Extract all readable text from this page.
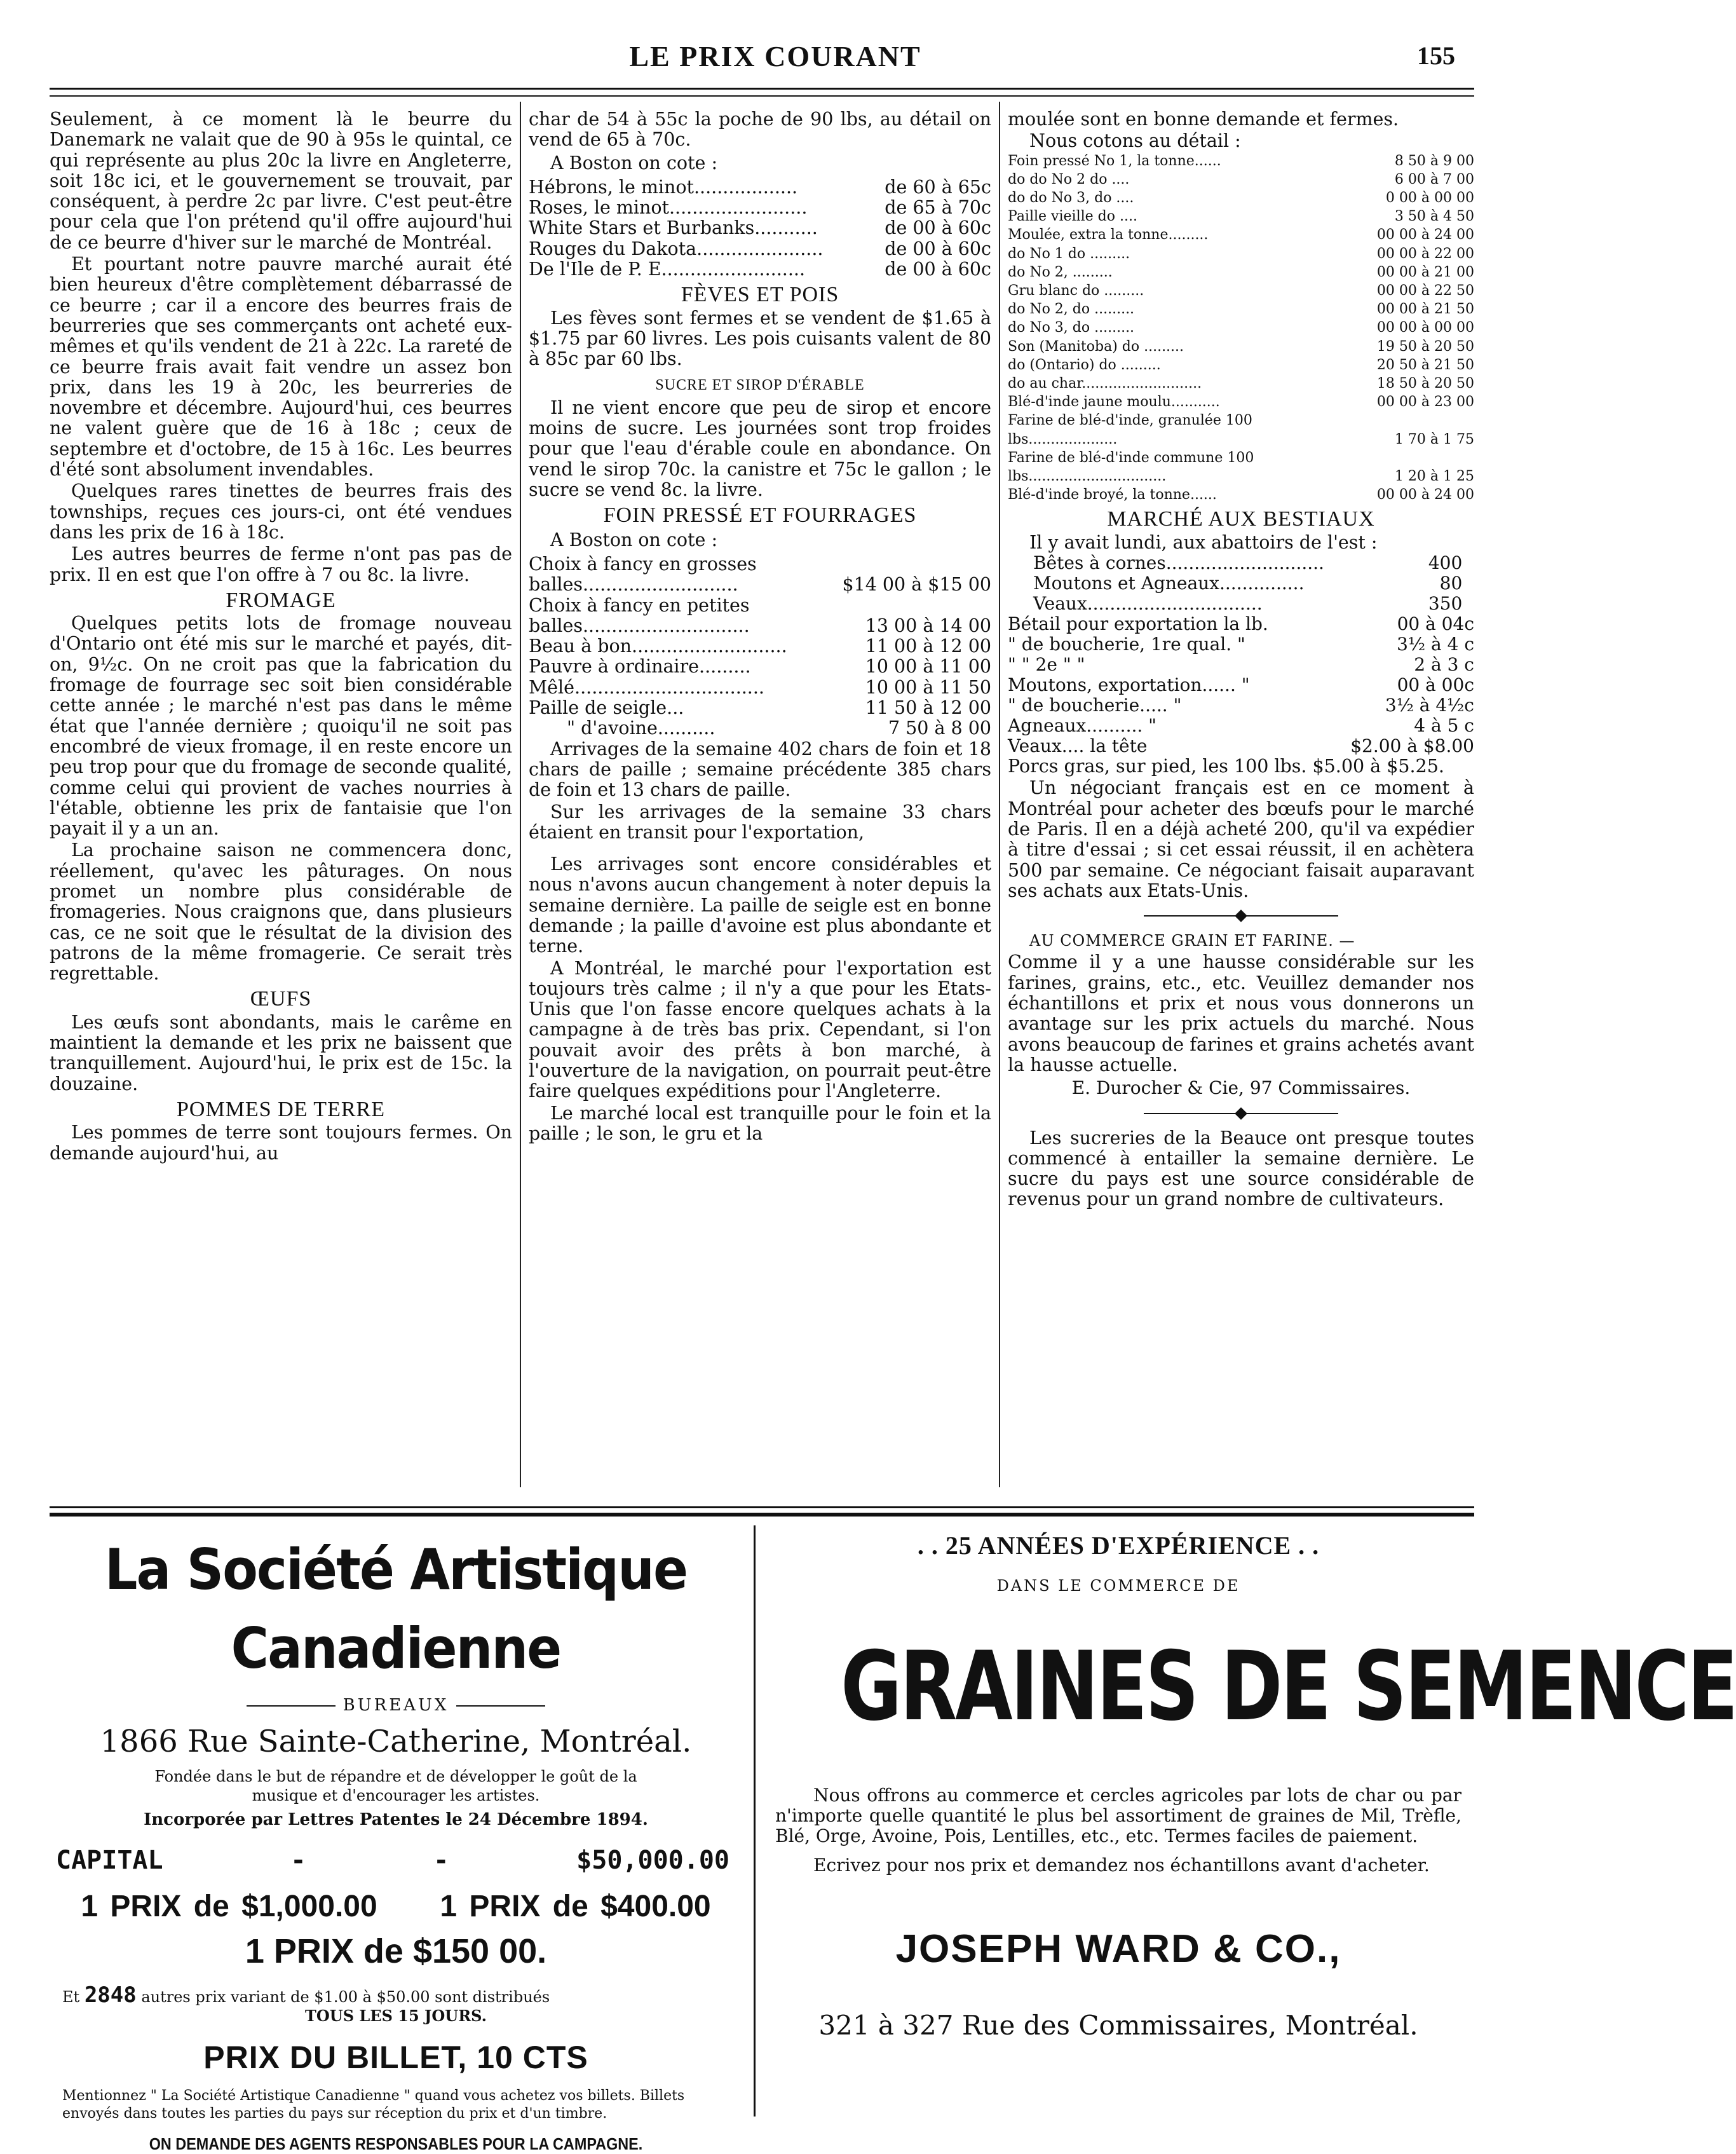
LE PRIX COURANT	155

Seulement, à ce moment là le beurre du Danemark ne valait que de 90 à 95s le quintal, ce qui représente au plus 20c la livre en Angleterre, soit 18c ici, et le gouvernement se trouvait, par conséquent, à perdre 2c par livre. C'est peut-être pour cela que l'on prétend qu'il offre aujourd'hui de ce beurre d'hiver sur le marché de Montréal.

Et pourtant notre pauvre marché aurait été bien heureux d'être complètement débarrassé de ce beurre ; car il a encore des beurres frais de beurreries que ses commerçants ont acheté eux-mêmes et qu'ils vendent de 21 à 22c. La rareté de ce beurre frais avait fait vendre un assez bon prix, dans les 19 à 20c, les beurreries de novembre et décembre. Aujourd'hui, ces beurres ne valent guère que de 16 à 18c ; ceux de septembre et d'octobre, de 15 à 16c. Les beurres d'été sont absolument invendables.

Quelques rares tinettes de beurres frais des townships, reçues ces jours-ci, ont été vendues dans les prix de 16 à 18c.

Les autres beurres de ferme n'ont pas pas de prix. Il en est que l'on offre à 7 ou 8c. la livre.

FROMAGE

Quelques petits lots de fromage nouveau d'Ontario ont été mis sur le marché et payés, dit-on, 9½c. On ne croit pas que la fabrication du fromage de fourrage sec soit bien considérable cette année ; le marché n'est pas dans le même état que l'année dernière ; quoiqu'il ne soit pas encombré de vieux fromage, il en reste encore un peu trop pour que du fromage de seconde qualité, comme celui qui provient de vaches nourries à l'étable, obtienne les prix de fantaisie que l'on payait il y a un an.

La prochaine saison ne commencera donc, réellement, qu'avec les pâturages. On nous promet un nombre plus considérable de fromageries. Nous craignons que, dans plusieurs cas, ce ne soit que le résultat de la division des patrons de la même fromagerie. Ce serait très regrettable.

ŒUFS

Les œufs sont abondants, mais le carême en maintient la demande et les prix ne baissent que tranquillement. Aujourd'hui, le prix est de 15c. la douzaine.

POMMES DE TERRE

Les pommes de terre sont toujours fermes. On demande aujourd'hui, au

char de 54 à 55c la poche de 90 lbs, au détail on vend de 65 à 70c.

A Boston on cote :

Hébrons, le minot..................	de 60 à 65c
Roses, le minot........................	de 65 à 70c
White Stars et Burbanks...........	de 00 à 60c
Rouges du Dakota......................	de 00 à 60c
De l'Ile de P. E.........................	de 00 à 60c
FÈVES ET POIS

Les fèves sont fermes et se vendent de $1.65 à $1.75 par 60 livres. Les pois cuisants valent de 80 à 85c par 60 lbs.

SUCRE ET SIROP D'ÉRABLE

Il ne vient encore que peu de sirop et encore moins de sucre. Les journées sont trop froides pour que l'eau d'érable coule en abondance. On vend le sirop 70c. la canistre et 75c le gallon ; le sucre se vend 8c. la livre.

FOIN PRESSÉ ET FOURRAGES

A Boston on cote :

Choix à fancy en grosses balles...........................	$14 00 à $15 00
Choix à fancy en petites balles.............................	13 00 à 14 00
Beau à bon...........................	11 00 à 12 00
Pauvre à ordinaire.........	10 00 à 11 00
Mêlé.................................	10 00 à 11 50
Paille de seigle...	11 50 à 12 00
" d'avoine..........	7 50 à 8 00

Arrivages de la semaine 402 chars de foin et 18 chars de paille ; semaine précédente 385 chars de foin et 13 chars de paille.

Sur les arrivages de la semaine 33 chars étaient en transit pour l'exportation,

Les arrivages sont encore considérables et nous n'avons aucun changement à noter depuis la semaine dernière. La paille de seigle est en bonne demande ; la paille d'avoine est plus abondante et terne.

A Montréal, le marché pour l'exportation est toujours très calme ; il n'y a que pour les Etats-Unis que l'on fasse encore quelques achats à la campagne à de très bas prix. Cependant, si l'on pouvait avoir des prêts à bon marché, à l'ouverture de la navigation, on pourrait peut-être faire quelques expéditions pour l'Angleterre.

Le marché local est tranquille pour le foin et la paille ; le son, le gru et la

moulée sont en bonne demande et fermes.

Nous cotons au détail :

Foin pressé No 1, la tonne......	8 50 à 9 00
do do No 2 do ....	6 00 à 7 00
do do No 3, do ....	0 00 à 00 00
Paille vieille do ....	3 50 à 4 50
Moulée, extra la tonne.........	00 00 à 24 00
do No 1 do .........	00 00 à 22 00
do No 2, .........	00 00 à 21 00
Gru blanc do .........	00 00 à 22 50
do No 2, do .........	00 00 à 21 50
do No 3, do .........	00 00 à 00 00
Son (Manitoba) do .........	19 50 à 20 50
do (Ontario) do .........	20 50 à 21 50
do au char...........................	18 50 à 20 50
Blé-d'inde jaune moulu...........	00 00 à 23 00
Farine de blé-d'inde, granulée 100 lbs....................	1 70 à 1 75
Farine de blé-d'inde commune 100 lbs...............................	1 20 à 1 25
Blé-d'inde broyé, la tonne......	00 00 à 24 00
MARCHÉ AUX BESTIAUX

Il y avait lundi, aux abattoirs de l'est :

Bêtes à cornes............................	400
Moutons et Agneaux...............	80
Veaux...............................	350
Bétail pour exportation la lb.	00 à 04c
" de boucherie, 1re qual. "	3½ à 4 c
" " 2e " "	2 à 3 c
Moutons, exportation...... "	00 à 00c
" de boucherie..... "	3½ à 4½c
Agneaux.......... "	4 à 5 c
Veaux.... la tête	$2.00 à $8.00

Porcs gras, sur pied, les 100 lbs. $5.00 à $5.25.

Un négociant français est en ce moment à Montréal pour acheter des bœufs pour le marché de Paris. Il en a déjà acheté 200, qu'il va expédier à titre d'essai ; si cet essai réussit, il en achètera 500 par semaine. Ce négociant faisait auparavant ses achats aux Etats-Unis.

AU COMMERCE GRAIN ET FARINE. —

Comme il y a une hausse considérable sur les farines, grains, etc., etc. Veuillez demander nos échantillons et prix et nous vous donnerons un avantage sur les prix actuels du marché. Nous avons beaucoup de farines et grains achetés avant la hausse actuelle.

E. Durocher & Cie, 97 Commissaires.

Les sucreries de la Beauce ont presque toutes commencé à entailler la semaine dernière. Le sucre du pays est une source considérable de revenus pour un grand nombre de cultivateurs.

La Société Artistique Canadienne
BUREAUX
1866 Rue Sainte-Catherine, Montréal.
Fondée dans le but de répandre et de développer le goût de la musique et d'encourager les artistes.
Incorporée par Lettres Patentes le 24 Décembre 1894.
CAPITAL	-	-	$50,000.00
1 PRIX de $1,000.00 1 PRIX de $400.00
1 PRIX de $150 00.
Et 2848 autres prix variant de $1.00 à $50.00 sont distribués
TOUS LES 15 JOURS.
PRIX DU BILLET, 10 CTS
Mentionnez " La Société Artistique Canadienne " quand vous achetez vos billets. Billets envoyés dans toutes les parties du pays sur réception du prix et d'un timbre.
ON DEMANDE DES AGENTS RESPONSABLES POUR LA CAMPAGNE.
. . 25 ANNÉES D'EXPÉRIENCE . .
DANS LE COMMERCE DE
GRAINES DE SEMENCE
Nous offrons au commerce et cercles agricoles par lots de char ou par n'importe quelle quantité le plus bel assortiment de graines de Mil, Trèfle, Blé, Orge, Avoine, Pois, Lentilles, etc., etc. Termes faciles de paiement.
Ecrivez pour nos prix et demandez nos échantillons avant d'acheter.
JOSEPH WARD & CO.,
321 à 327 Rue des Commissaires, Montréal.
